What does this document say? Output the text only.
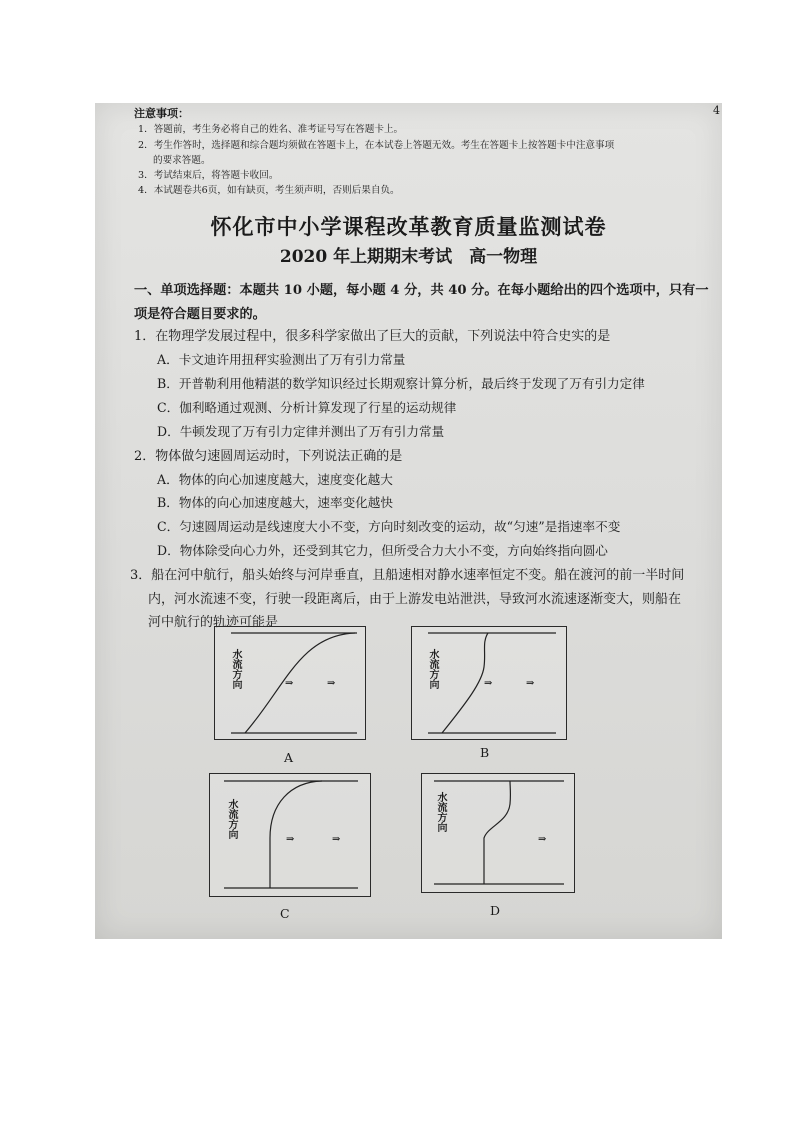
注意事项：	4
1．答题前，考生务必将自己的姓名、准考证号写在答题卡上。
2．考生作答时，选择题和综合题均须做在答题卡上，在本试卷上答题无效。考生在答题卡上按答题卡中注意事项
的要求答题。
3．考试结束后，将答题卡收回。
4．本试题卷共6页，如有缺页，考生须声明，否则后果自负。
怀化市中小学课程改革教育质量监测试卷
2020 年上期期末考试　高一物理
一、单项选择题：本题共 10 小题，每小题 4 分，共 40 分。在每小题给出的四个选项中，只有一
项是符合题目要求的。
1．在物理学发展过程中，很多科学家做出了巨大的贡献，下列说法中符合史实的是
A．卡文迪许用扭秤实验测出了万有引力常量
B．开普勒利用他精湛的数学知识经过长期观察计算分析，最后终于发现了万有引力定律
C．伽利略通过观测、分析计算发现了行星的运动规律
D．牛顿发现了万有引力定律并测出了万有引力常量
2．物体做匀速圆周运动时，下列说法正确的是
A．物体的向心加速度越大，速度变化越大
B．物体的向心加速度越大，速率变化越快
C．匀速圆周运动是线速度大小不变，方向时刻改变的运动，故“匀速”是指速率不变
D．物体除受向心力外，还受到其它力，但所受合力大小不变，方向始终指向圆心
3．船在河中航行，船头始终与河岸垂直，且船速相对静水速率恒定不变。船在渡河的前一半时间
内，河水流速不变，行驶一段距离后，由于上游发电站泄洪，导致河水流速逐渐变大，则船在
河中航行的轨迹可能是
水流方向	⇒	⇒
A
水流方向	⇒	⇒
B
水流方向
⇒	⇒
C
水流方向
⇒
D
